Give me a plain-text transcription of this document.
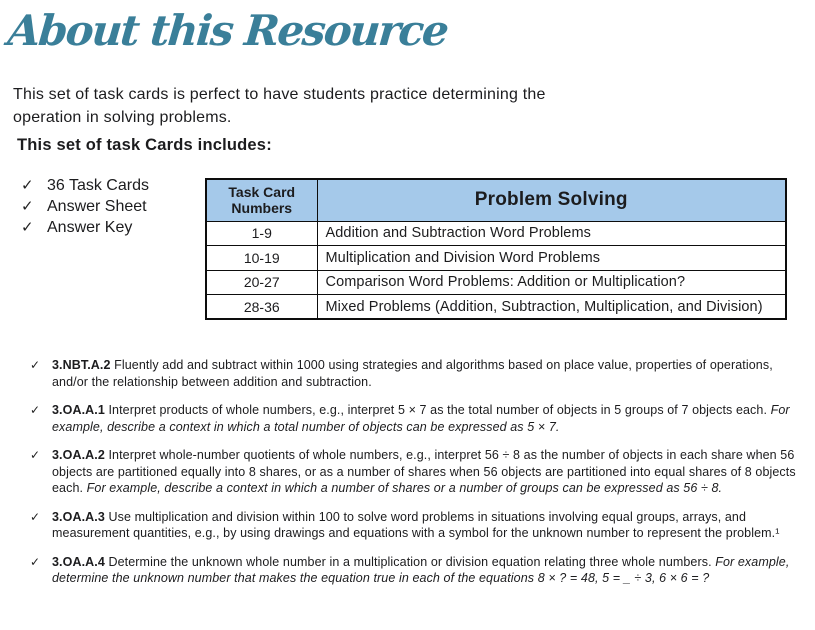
About this Resource

This set of task cards is perfect to have students practice determining the operation in solving problems.

This set of task Cards includes:

✓ 36 Task Cards
✓ Answer Sheet
✓ Answer Key
Task Card Numbers	Problem Solving
1-9	Addition and Subtraction Word Problems
10-19	Multiplication and Division Word Problems
20-27	Comparison Word Problems: Addition or Multiplication?
28-36	Mixed Problems (Addition, Subtraction, Multiplication, and Division)
✓ 3.NBT.A.2 Fluently add and subtract within 1000 using strategies and algorithms based on place value, properties of operations, and/or the relationship between addition and subtraction.

✓ 3.OA.A.1 Interpret products of whole numbers, e.g., interpret 5 × 7 as the total number of objects in 5 groups of 7 objects each. For example, describe a context in which a total number of objects can be expressed as 5 × 7.

✓ 3.OA.A.2 Interpret whole-number quotients of whole numbers, e.g., interpret 56 ÷ 8 as the number of objects in each share when 56 objects are partitioned equally into 8 shares, or as a number of shares when 56 objects are partitioned into equal shares of 8 objects each. For example, describe a context in which a number of shares or a number of groups can be expressed as 56 ÷ 8.

✓ 3.OA.A.3 Use multiplication and division within 100 to solve word problems in situations involving equal groups, arrays, and measurement quantities, e.g., by using drawings and equations with a symbol for the unknown number to represent the problem.¹

✓ 3.OA.A.4 Determine the unknown whole number in a multiplication or division equation relating three whole numbers. For example, determine the unknown number that makes the equation true in each of the equations 8 × ? = 48, 5 = _ ÷ 3, 6 × 6 = ?
